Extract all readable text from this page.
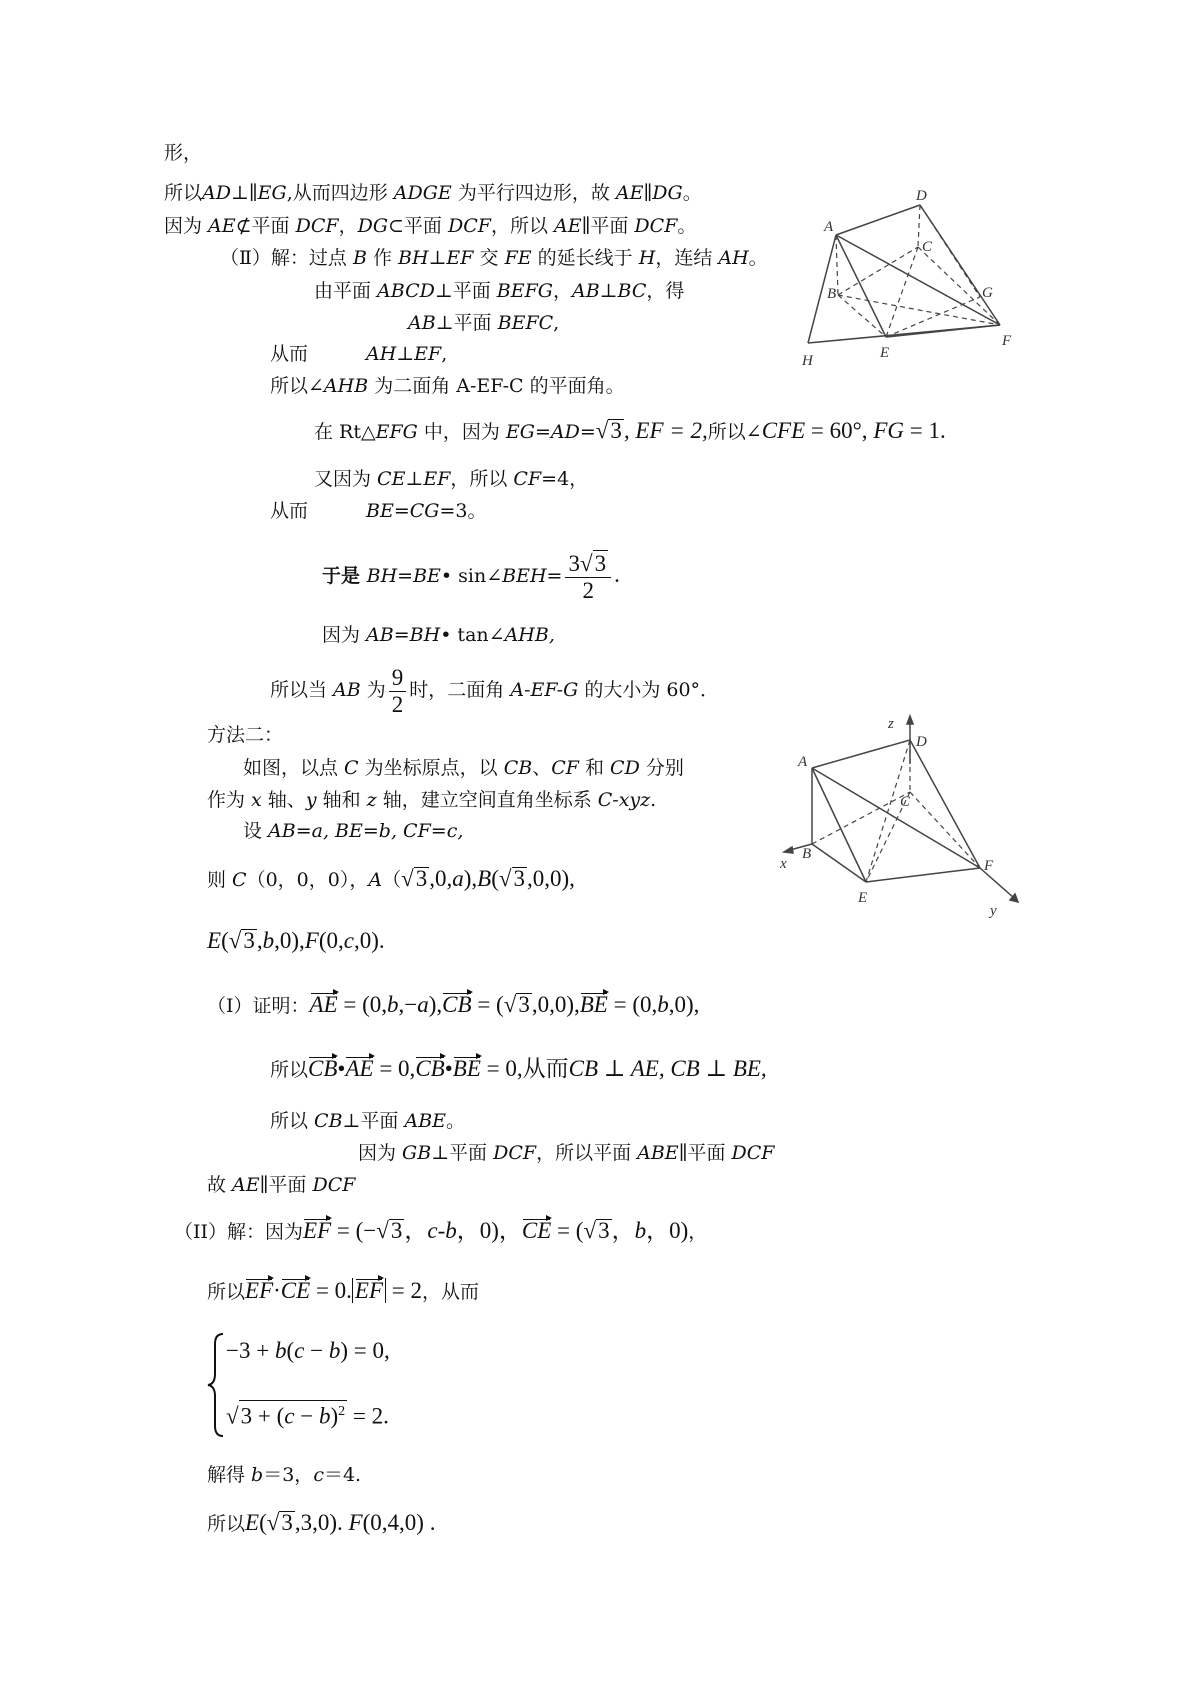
形，
所以AD⊥∥EG,从而四边形 ADGE 为平行四边形，故 AE∥DG。
因为 AE⊄平面 DCF，DG⊂平面 DCF，所以 AE∥平面 DCF。
（Ⅱ）解：过点 B 作 BH⊥EF 交 FE 的延长线于 H，连结 AH。
由平面 ABCD⊥平面 BEFG，AB⊥BC，得
AB⊥平面 BEFC,
从而	AH⊥EF,
所以∠AHB 为二面角 A-EF-C 的平面角。
在 Rt△EFG 中，因为 EG=AD=√3, EF = 2,所以∠CFE = 60°, FG = 1.
又因为 CE⊥EF，所以 CF=4，
从而	BE=CG=3。
于是 BH=BE• sin∠BEH= $\frac{3√3}{2}$ .
因为 AB=BH• tan∠AHB,
所以当 AB 为 $\frac{9}{2}$ 时，二面角 A-EF-G 的大小为 60°．
方法二：
如图，以点 C 为坐标原点，以 CB、CF 和 CD 分别
作为 x 轴、y 轴和 z 轴，建立空间直角坐标系 C-xyz.
设 AB=a, BE=b, CF=c,
则 C（0，0，0），A（√3,0,a),B(√3,0,0),
E(√3,b,0),F(0,c,0).
（Ⅰ）证明：AE = (0,b,−a),CB = (√3,0,0),BE = (0,b,0),
所以CB•AE = 0,CB•BE = 0,从而CB ⊥ AE, CB ⊥ BE,
所以 CB⊥平面 ABE。
因为 GB⊥平面 DCF，所以平面 ABE∥平面 DCF
故 AE∥平面 DCF
（II）解：因为EF = (−√3，c-b，0)，CE = (√3，b，0)，
所以EF·CE = 0. EF = 2，从而
−3 + b(c − b) = 0,
$√3 + (c - b)^2 = 2$.
解得 b＝3，c＝4.
所以E(√3,3,0). F(0,4,0) .
A
B
C
D
E
F
G
H
A
B
C
D
E
F
x
y
z
